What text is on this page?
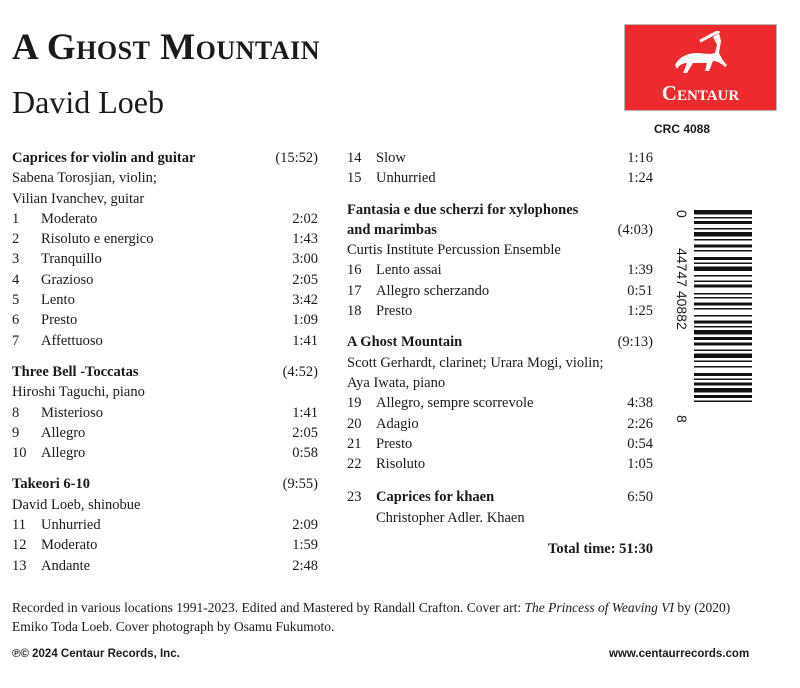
A Ghost Mountain
David Loeb	Centaur
CRC 4088
Caprices for violin and guitar	(15:52)
Sabena Torosjian, violin;
Vilian Ivanchev, guitar
1 Moderato	2:02
2 Risoluto e energico	1:43
3 Tranquillo	3:00
4 Grazioso	2:05
5 Lento	3:42
6 Presto	1:09
7 Affettuoso	1:41
Three Bell -Toccatas	(4:52)
Hiroshi Taguchi, piano
8 Misterioso	1:41
9 Allegro	2:05
10 Allegro	0:58
Takeori 6-10	(9:55)
David Loeb, shinobue
11 Unhurried	2:09
12 Moderato	1:59
13 Andante	2:48
14 Slow	1:16
15 Unhurried	1:24
Fantasia e due scherzi for xylophones
and marimbas	(4:03)
Curtis Institute Percussion Ensemble
16 Lento assai	1:39
17 Allegro scherzando	0:51
18 Presto	1:25
A Ghost Mountain	(9:13)
Scott Gerhardt, clarinet; Urara Mogi, violin;
Aya Iwata, piano
19 Allegro, sempre scorrevole	4:38
20 Adagio	2:26
21 Presto	0:54
22 Risoluto	1:05
23 Caprices for khaen	6:50
Christopher Adler. Khaen
Total time: 51:30
0
44747 40882
8
Recorded in various locations 1991-2023. Edited and Mastered by Randall Crafton. Cover art: The Princess of Weaving VI by (2020) Emiko Toda Loeb. Cover photograph by Osamu Fukumoto.
℗© 2024 Centaur Records, Inc.	www.centaurrecords.com
